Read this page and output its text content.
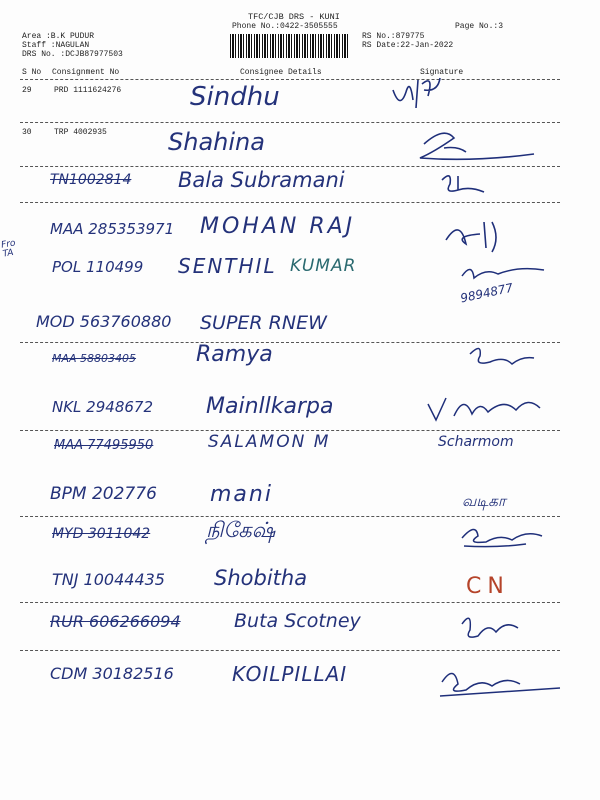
TFC/CJB DRS - KUNI
Phone No.:0422-3505555	Page No.:3
Area :B.K PUDUR
Staff :NAGULAN
DRS No. :DCJB87977503
RS No.:879775
RS Date:22-Jan-2022
S No Consignment No	Consignee Details	Signature
29	PRD 1111624276	Sindhu
30	TRP 4002935	Shahina
TN1002814 Bala Subramani
MAA 285353971 MOHAN RAJ
Fro TA
POL 110499 SENTHIL KUMAR
9894877
MOD 563760880 SUPER RNEW
MAA 58803405	Ramya
NKL 2948672 Mainllkarpa
MAA 77495950	SALAMON M	Scharmom
BPM 202776 mani	வடிகா
MYD 3011042	நிகேஷ்
TNJ 10044435 Shobitha	CN
RUR 606266094	Buta Scotney
CDM 30182516	KOILPILLAI
